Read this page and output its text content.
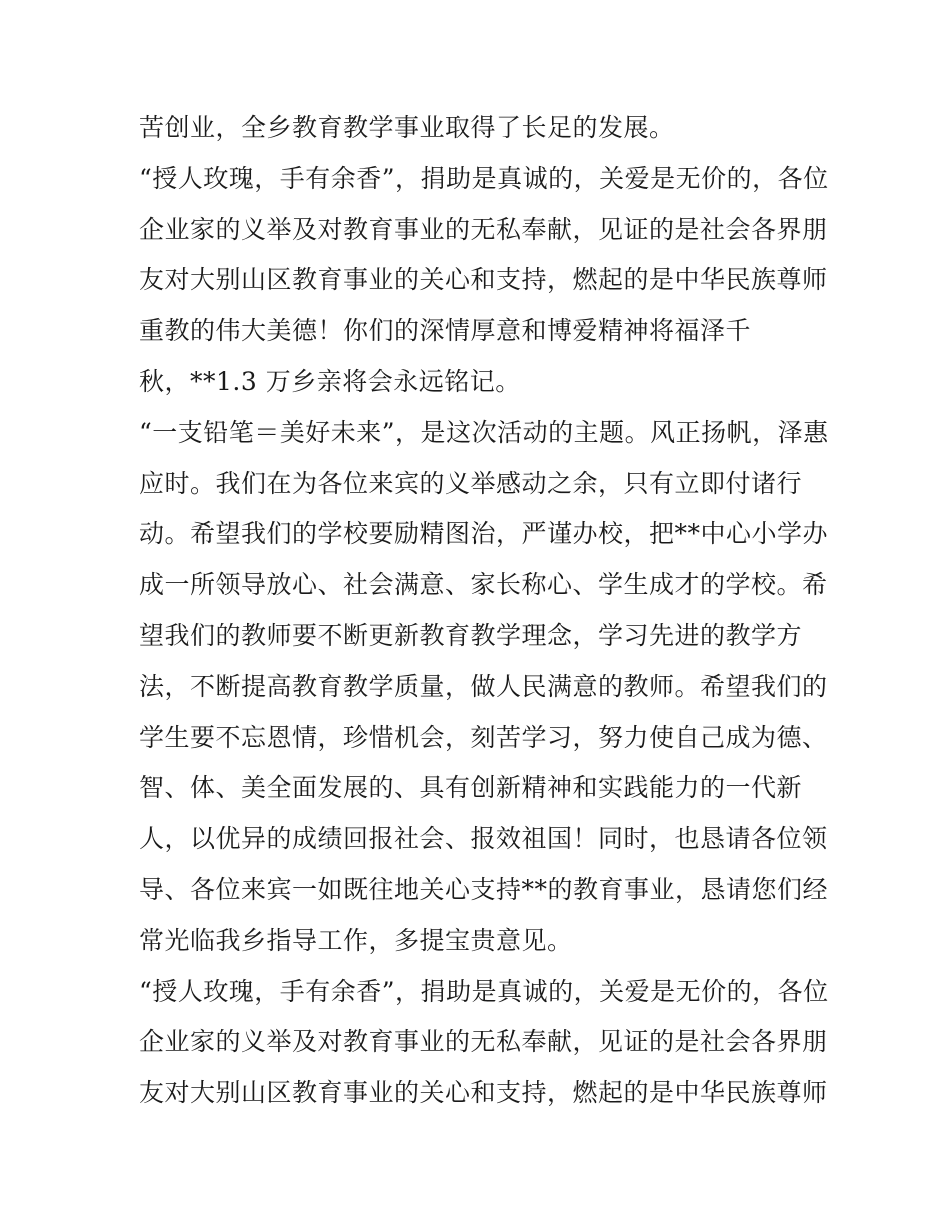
苦创业，全乡教育教学事业取得了长足的发展。
“授人玫瑰，手有余香”，捐助是真诚的，关爱是无价的，各位
企业家的义举及对教育事业的无私奉献，见证的是社会各界朋
友对大别山区教育事业的关心和支持，燃起的是中华民族尊师
重教的伟大美德！你们的深情厚意和博爱精神将福泽千
秋，**1.3 万乡亲将会永远铭记。
“一支铅笔＝美好未来”，是这次活动的主题。风正扬帆，泽惠
应时。我们在为各位来宾的义举感动之余，只有立即付诸行
动。希望我们的学校要励精图治，严谨办校，把**中心小学办
成一所领导放心、社会满意、家长称心、学生成才的学校。希
望我们的教师要不断更新教育教学理念，学习先进的教学方
法，不断提高教育教学质量，做人民满意的教师。希望我们的
学生要不忘恩情，珍惜机会，刻苦学习，努力使自己成为德、
智、体、美全面发展的、具有创新精神和实践能力的一代新
人，以优异的成绩回报社会、报效祖国！同时，也恳请各位领
导、各位来宾一如既往地关心支持**的教育事业，恳请您们经
常光临我乡指导工作，多提宝贵意见。
“授人玫瑰，手有余香”，捐助是真诚的，关爱是无价的，各位
企业家的义举及对教育事业的无私奉献，见证的是社会各界朋
友对大别山区教育事业的关心和支持，燃起的是中华民族尊师
